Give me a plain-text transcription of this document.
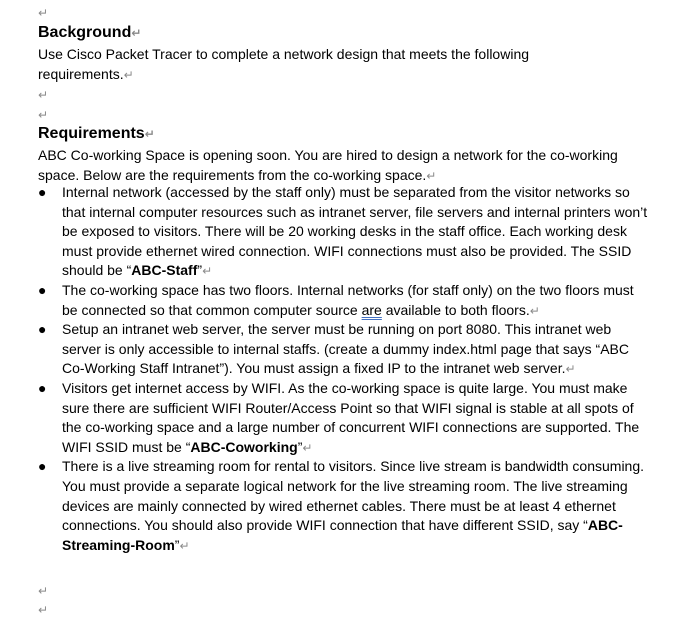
↵
Background↵
Use Cisco Packet Tracer to complete a network design that meets the following requirements.↵
↵
↵
Requirements↵
ABC Co-working Space is opening soon. You are hired to design a network for the co-working space. Below are the requirements from the co-working space.↵
● Internal network (accessed by the staff only) must be separated from the visitor networks so that internal computer resources such as intranet server, file servers and internal printers won’t be exposed to visitors. There will be 20 working desks in the staff office. Each working desk must provide ethernet wired connection. WIFI connections must also be provided. The SSID should be “ABC-Staff”↵
● The co-working space has two floors. Internal networks (for staff only) on the two floors must be connected so that common computer source are available to both floors.↵
● Setup an intranet web server, the server must be running on port 8080. This intranet web server is only accessible to internal staffs. (create a dummy index.html page that says “ABC Co-Working Staff Intranet”). You must assign a fixed IP to the intranet web server.↵
● Visitors get internet access by WIFI. As the co-working space is quite large. You must make sure there are sufficient WIFI Router/Access Point so that WIFI signal is stable at all spots of the co-working space and a large number of concurrent WIFI connections are supported. The WIFI SSID must be “ABC-Coworking”↵
● There is a live streaming room for rental to visitors. Since live stream is bandwidth consuming. You must provide a separate logical network for the live streaming room. The live streaming devices are mainly connected by wired ethernet cables. There must be at least 4 ethernet connections. You should also provide WIFI connection that have different SSID, say “ABC-Streaming-Room”↵
↵
↵
